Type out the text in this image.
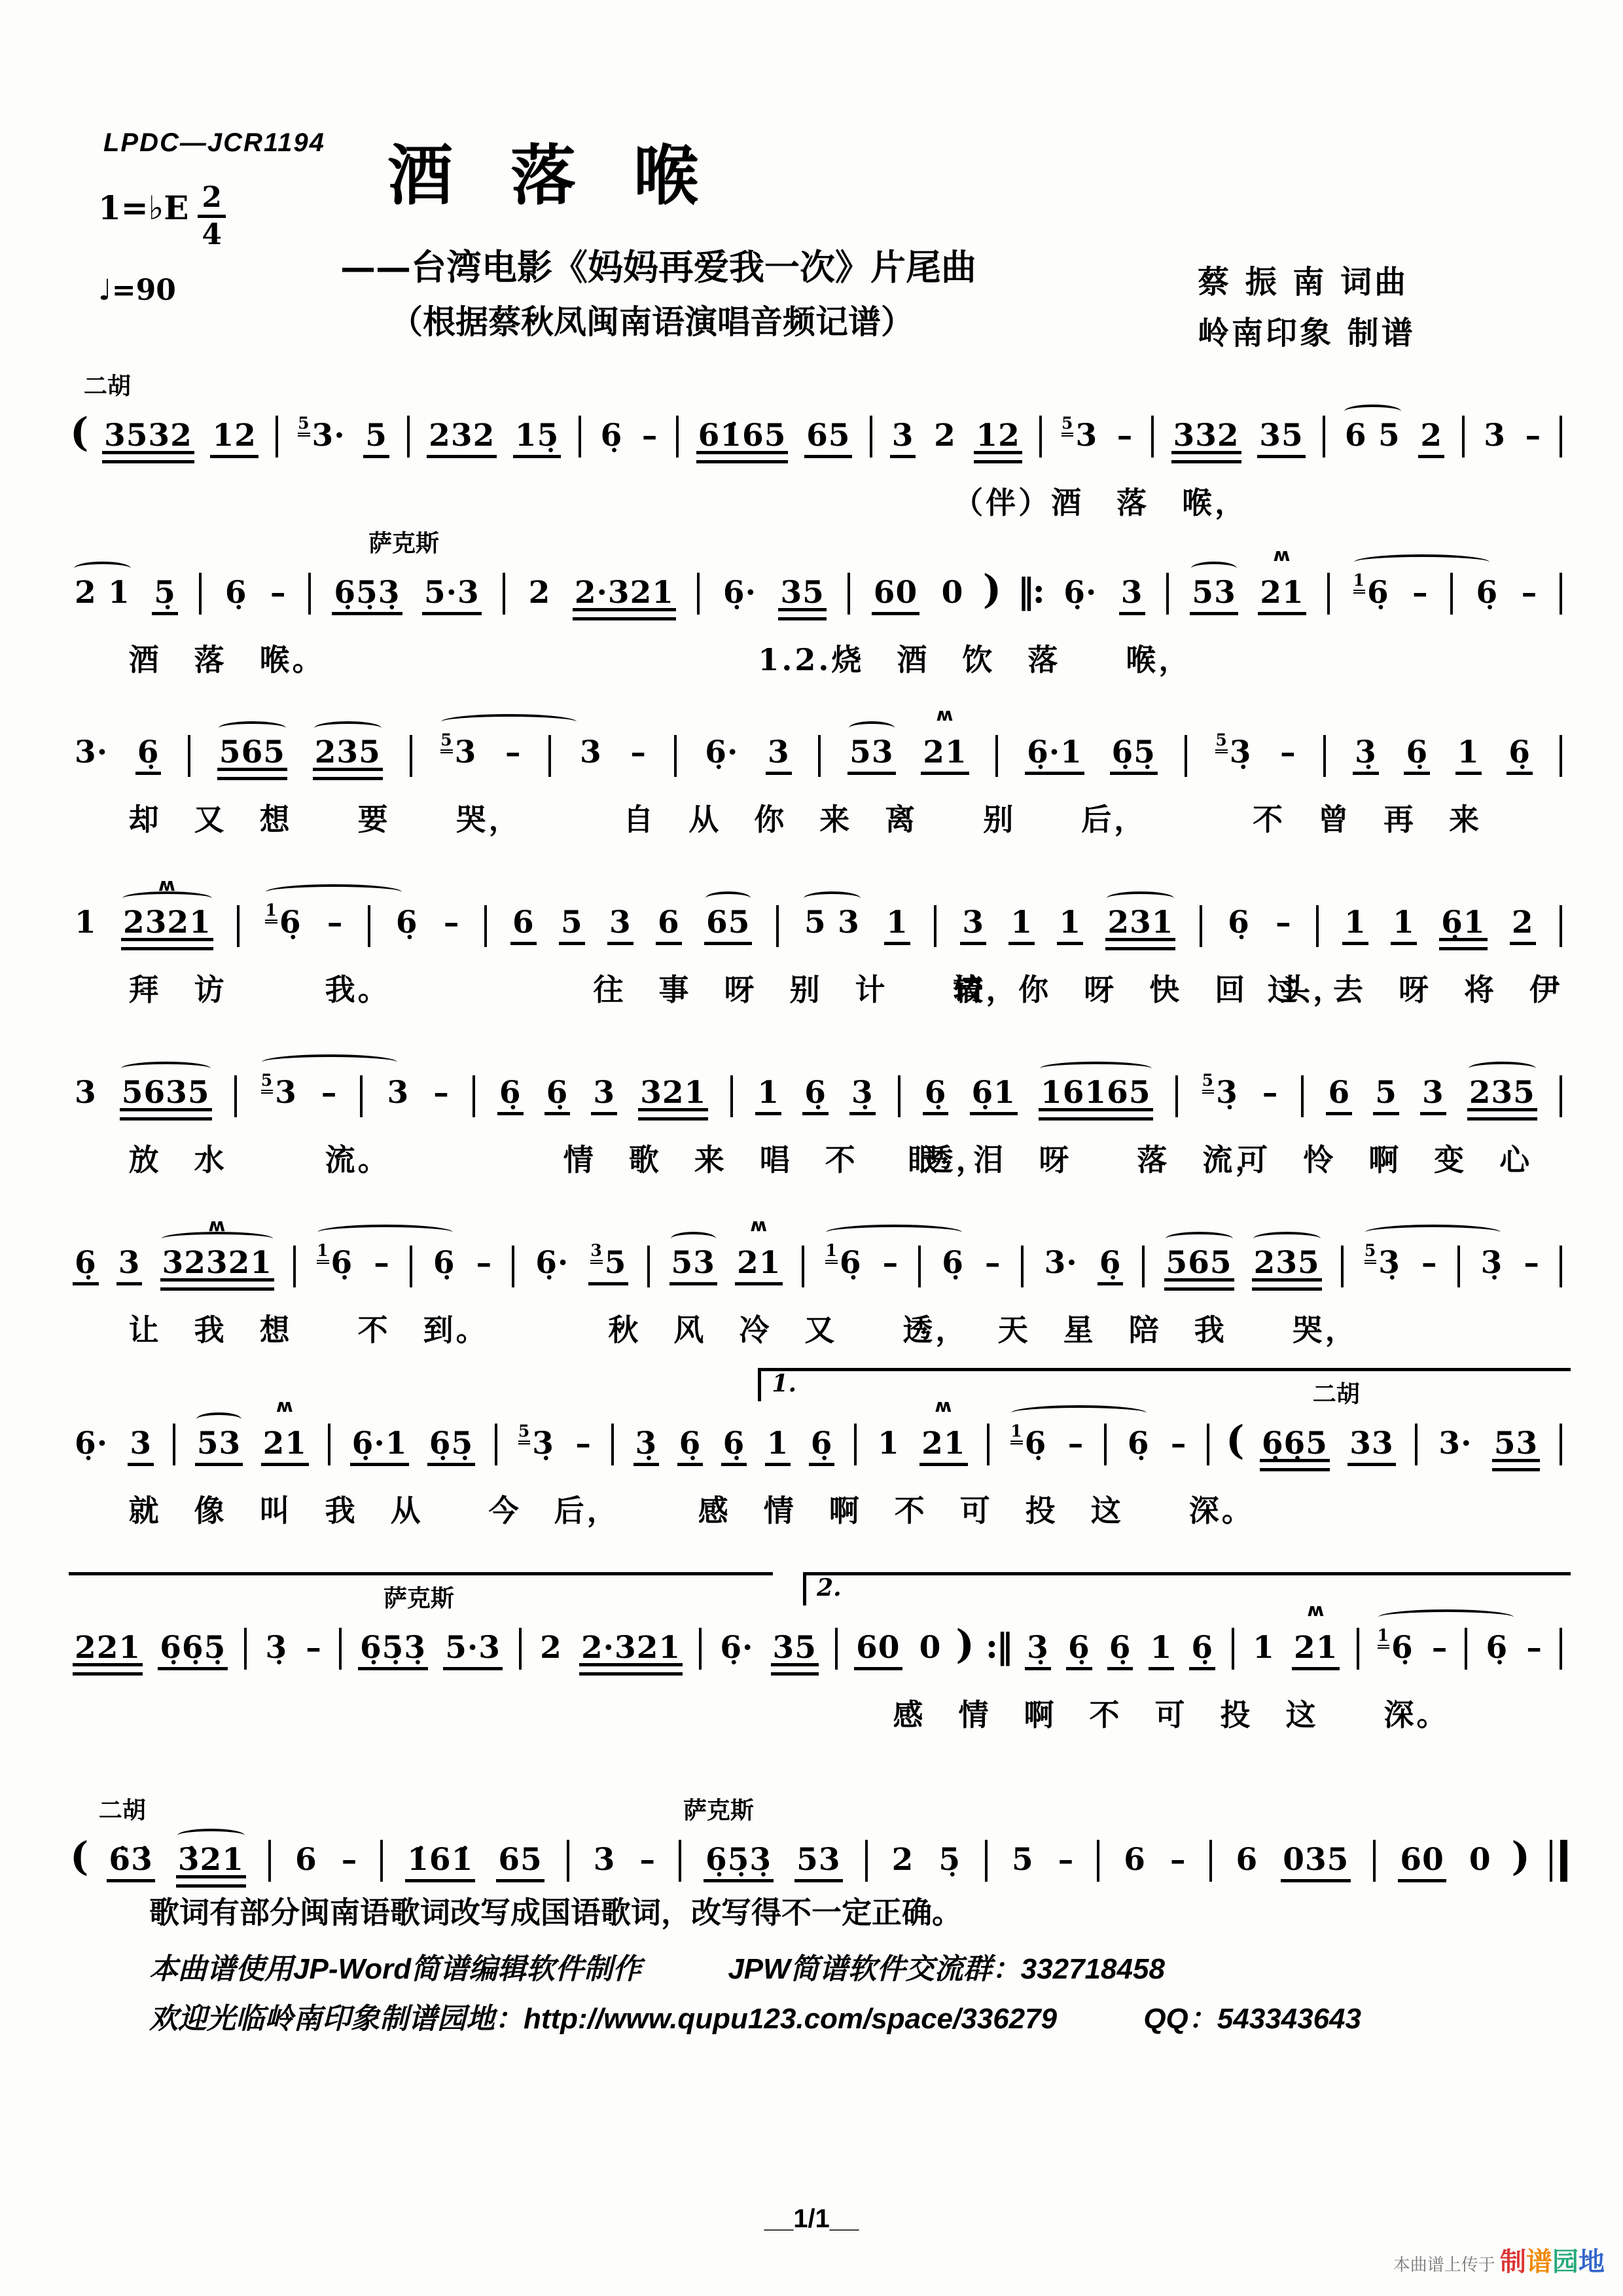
LPDC—JCR1194
1=♭E $\frac{2}{4}$
♩=90
酒落喉
——台湾电影《妈妈再爱我一次》片尾曲
（根据蔡秋凤闽南语演唱音频记谱）
蔡 振 南 词曲
岭南印象 制谱
二胡
( 3532 12	$^5$3· 5 232 15̣ 6̣ – 61̇65 65 3 2 12	$^5$3 – 332 35 6 5 2 3 –
（伴）酒　落　喉，
萨克斯
2 1 5̣ 6̣ – 6̣5̣3̣ 5·3 2 2·321 6̣· 35 60 0 ) ‖: 6̣· 3 53 21 ʍ	$^1$6̣ – 6̣ –
酒　落　喉。	1.2.烧　酒　饮　落　　喉，
3· 6̣ 565 235	$^5$3 – 3 – 6̣· 3 53 21 ʍ 6̣·1 6̣5̣	$^5$3̣ – 3̣ 6̣ 1 6̣
却　又　想　　要　　哭，	自　从　你　来　离　　别　　后，	不　曾　再　来
1 2321 ʍ	$^1$6̣ – 6̣ – 6 5 3 6 65 5 3 1 3 1 1 231 6̣ – 1 1 6̣1 2
拜　访　　　我。	往　事　呀　别　计　　较，
请　你　呀　快　回　头，
过　去　呀　将　伊
3 5635	$^5$3 – 3 – 6̣ 6̣ 3 321 1 6̣ 3̣ 6̣ 6̣1 16165	$^5$3̣ – 6 5 3 235
放　水　　　流。	情　歌　来　唱　不　　透，
眼　泪　呀　　落　流，
可　怜　啊　变　心
6̣ 3 32321 ʍ	$^1$6̣ – 6̣ – 6̣· $^3$5 53 21 ʍ	$^1$6̣ – 6̣ – 3· 6̣ 565 235	$^5$3̣ – 3̣ –
让　我　想　　不　到。	秋　风　冷　又　　透， 天　星　陪　我　　哭，
二胡
1.
6̣· 3 53 21 ʍ 6̣·1 6̣5̣	$^5$3̣ – 3̣ 6̣ 6̣ 1 6̣ 1 21 ʍ	$^1$6̣ – 6̣ – ( 6̣6̣5 33 3· 53
就　像　叫　我　从　　今　后，	感　情　啊　不　可　投　这　　深。
萨克斯	2.
221 6̣6̣5̣ 3̣ – 6̣5̣3̣ 5·3 2 2·321 6̣· 35 60 0 ) :‖ 3̣ 6̣ 6̣ 1 6̣ 1 21 ʍ $^1$6̣ – 6̣ –
感　情　啊　不　可　投　这　　深。
二胡	萨克斯
( 6̇3̇ 3̇21 6 – 1̇61̇ 65 3 – 6̣5̣3̣ 53 2 5̣ 5 – 6 – 6 035 60 0 )
歌词有部分闽南语歌词改写成国语歌词，改写得不一定正确。
本曲谱使用JP-Word简谱编辑软件制作	JPW简谱软件交流群：332718458
欢迎光临岭南印象制谱园地：http://www.qupu123.com/space/336279	QQ：543343643
__1/1__
本曲谱上传于 制谱园地
